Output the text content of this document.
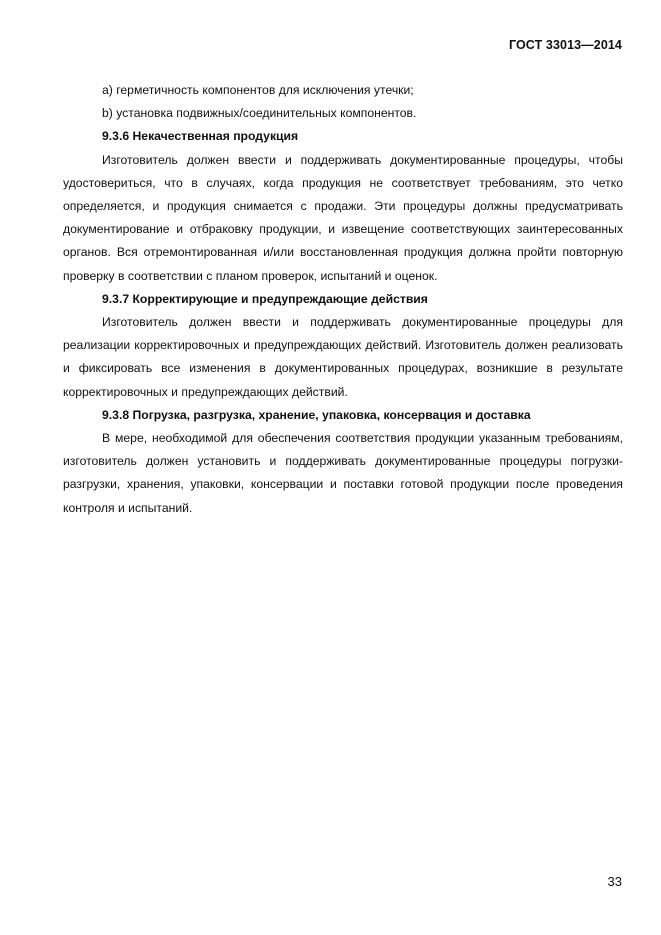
ГОСТ 33013—2014

а) герметичность компонентов для исключения утечки;

b) установка подвижных/соединительных компонентов.

9.3.6 Некачественная продукция

Изготовитель должен ввести и поддерживать документированные процедуры, чтобы удостовериться, что в случаях, когда продукция не соответствует требованиям, это четко определяется, и продукция снимается с продажи. Эти процедуры должны предусматривать документирование и отбраковку продукции, и извещение соответствующих заинтересованных органов. Вся отремонтированная и/или восстановленная продукция должна пройти повторную проверку в соответствии с планом проверок, испытаний и оценок.

9.3.7 Корректирующие и предупреждающие действия

Изготовитель должен ввести и поддерживать документированные процедуры для реализации корректировочных и предупреждающих действий. Изготовитель должен реализовать и фиксировать все изменения в документированных процедурах, возникшие в результате корректировочных и предупреждающих действий.

9.3.8 Погрузка, разгрузка, хранение, упаковка, консервация и доставка

В мере, необходимой для обеспечения соответствия продукции указанным требованиям, изготовитель должен установить и поддерживать документированные процедуры погрузки-разгрузки, хранения, упаковки, консервации и поставки готовой продукции после проведения контроля и испытаний.

33
